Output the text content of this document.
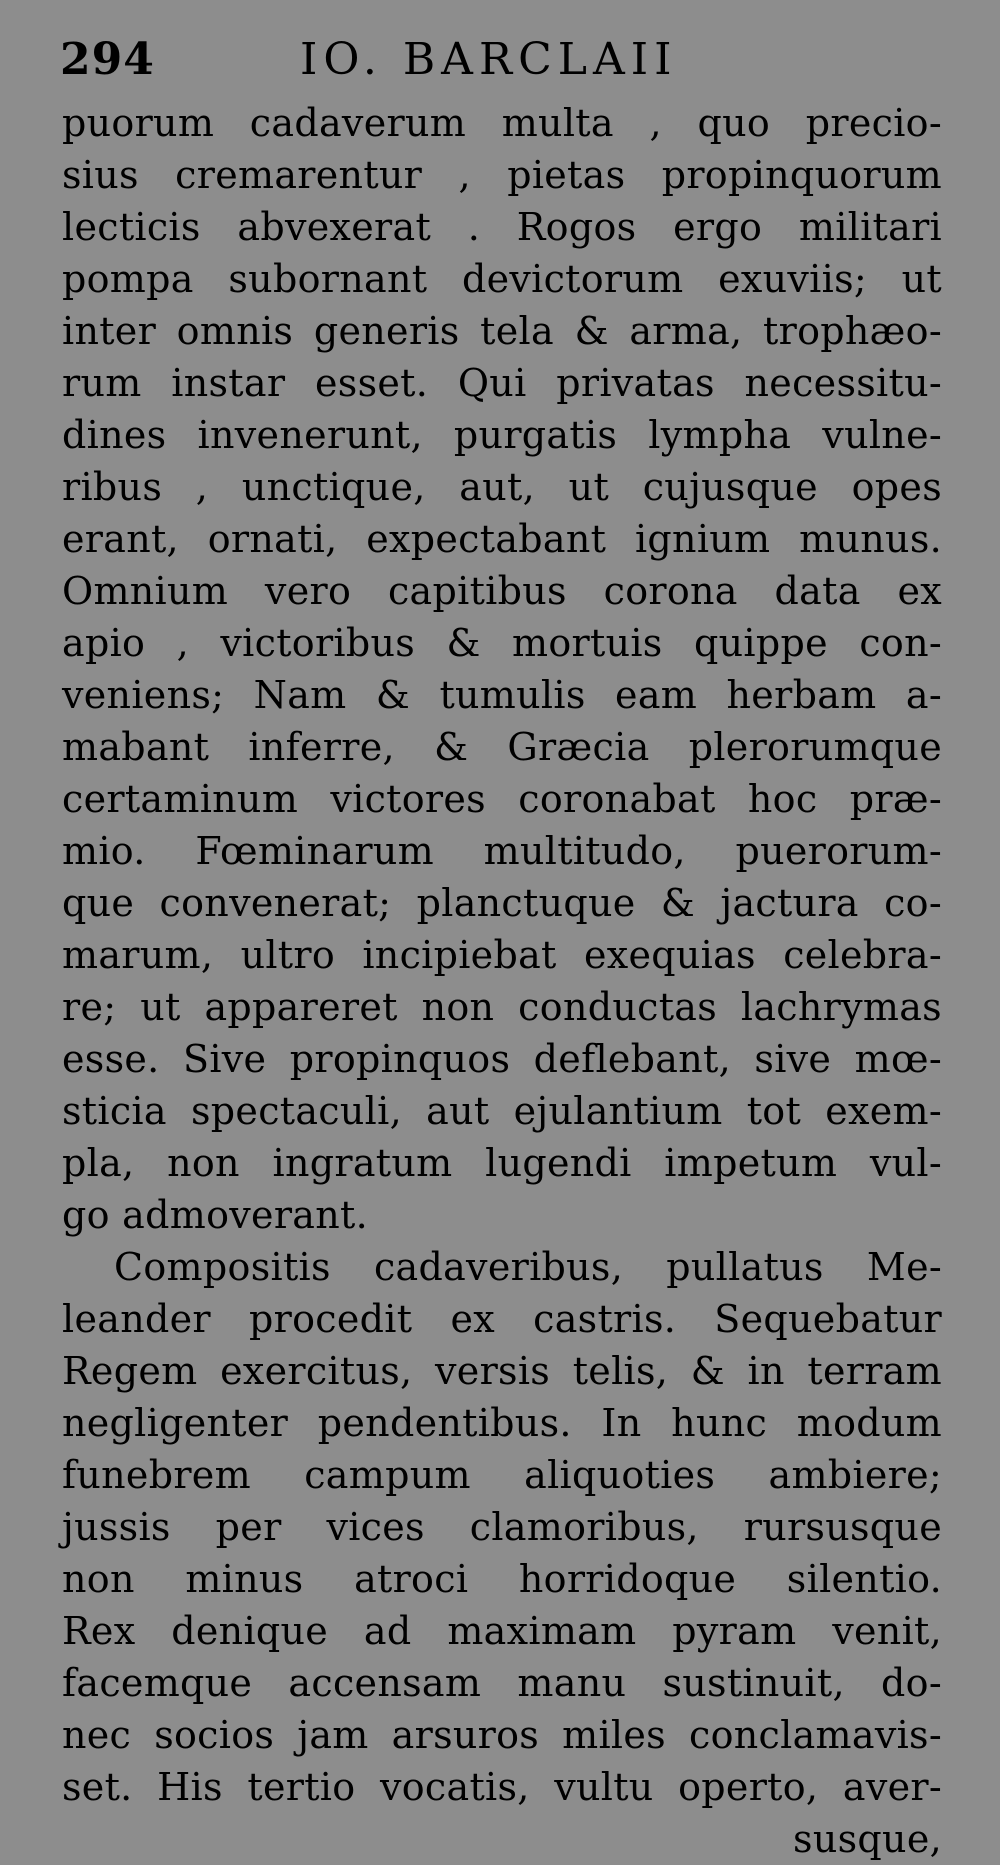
294	IO. BARCLAII
puorum cadaverum multa , quo precio-
sius cremarentur , pietas propinquorum
lecticis abvexerat . Rogos ergo militari
pompa subornant devictorum exuviis; ut
inter omnis generis tela & arma, trophæo-
rum instar esset. Qui privatas necessitu-
dines invenerunt, purgatis lympha vulne-
ribus , unctique, aut, ut cujusque opes
erant, ornati, expectabant ignium munus.
Omnium vero capitibus corona data ex
apio , victoribus & mortuis quippe con-
veniens; Nam & tumulis eam herbam a-
mabant inferre, & Græcia plerorumque
certaminum victores coronabat hoc præ-
mio. Fœminarum multitudo, puerorum-
que convenerat; planctuque & jactura co-
marum, ultro incipiebat exequias celebra-
re; ut appareret non conductas lachrymas
esse. Sive propinquos deflebant, sive mœ-
sticia spectaculi, aut ejulantium tot exem-
pla, non ingratum lugendi impetum vul-
go admoverant.
Compositis cadaveribus, pullatus Me-
leander procedit ex castris. Sequebatur
Regem exercitus, versis telis, & in terram
negligenter pendentibus. In hunc modum
funebrem campum aliquoties ambiere;
jussis per vices clamoribus, rursusque
non minus atroci horridoque silentio.
Rex denique ad maximam pyram venit,
facemque accensam manu sustinuit, do-
nec socios jam arsuros miles conclamavis-
set. His tertio vocatis, vultu operto, aver-
susque,
